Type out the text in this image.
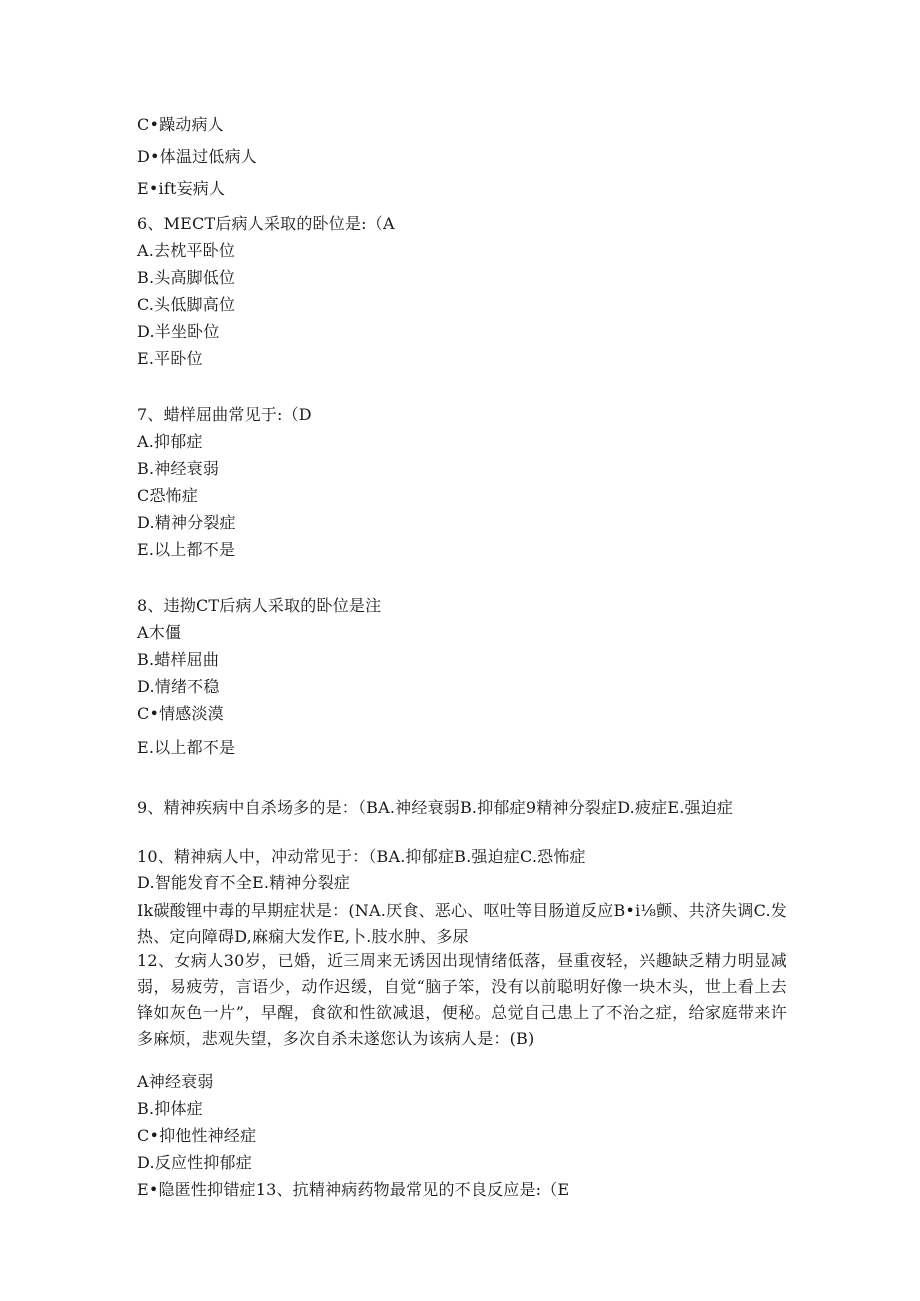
C•躁动病人
D•体温过低病人
E•ift妄病人
6、MECT后病人采取的卧位是:（A
A.去枕平卧位
B.头高脚低位
C.头低脚高位
D.半坐卧位
E.平卧位
7、蜡样屈曲常见于:（D
A.抑郁症
B.神经衰弱
C恐怖症
D.精神分裂症
E.以上都不是
8、违拗CT后病人采取的卧位是注
A木僵
B.蜡样屈曲
D.情绪不稳
C•情感淡漠
E.以上都不是
9、精神疾病中自杀场多的是：（BA.神经衰弱B.抑郁症9精神分裂症D.疲症E.强迫症
10、精神病人中，冲动常见于：（BA.抑郁症B.强迫症C.恐怖症
D.智能发育不全E.精神分裂症
Ik碳酸锂中毒的早期症状是：(NA.厌食、恶心、呕吐等目肠道反应B•i⅛颤、共济失调C.发热、定向障碍D,麻痫大发作E,卜.肢水肿、多尿
12、女病人30岁，已婚，近三周来无诱因出现情绪低落，昼重夜轻，兴趣缺乏精力明显减弱，易疲劳，言语少，动作迟缓，自觉“脑子笨，没有以前聪明好像一块木头，世上看上去锋如灰色一片”，早醒，食欲和性欲减退，便秘。总觉自己患上了不治之症，给家庭带来许多麻烦，悲观失望，多次自杀未遂您认为该病人是：(B)
A神经衰弱
B.抑体症
C•抑他性神经症
D.反应性抑郁症
E•隐匿性抑错症13、抗精神病药物最常见的不良反应是:（E
